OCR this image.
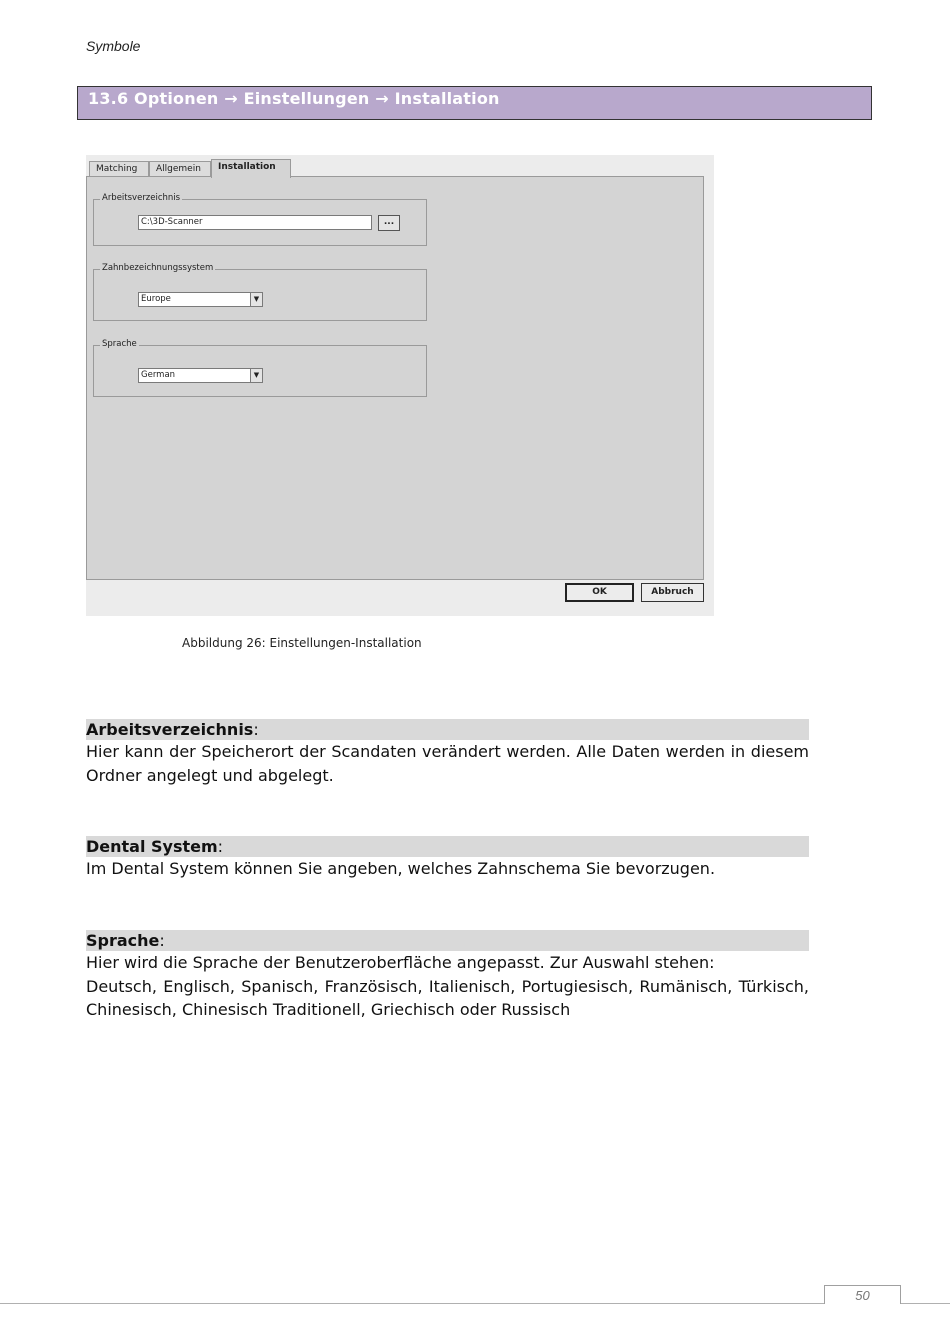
Symbole
13.6 Optionen → Einstellungen → Installation
Matching	Allgemein	Installation
Arbeitsverzeichnis
C:\3D-Scanner	...
Zahnbezeichnungssystem
Europe	▼
Sprache
German	▼
OK	Abbruch
Abbildung 26: Einstellungen-Installation
Arbeitsverzeichnis:
Hier kann der Speicherort der Scandaten verändert werden. Alle Daten werden in diesem Ordner angelegt und abgelegt.
Dental System:
Im Dental System können Sie angeben, welches Zahnschema Sie bevorzugen.
Sprache:
Hier wird die Sprache der Benutzeroberfläche angepasst. Zur Auswahl stehen:
Deutsch, Englisch, Spanisch, Französisch, Italienisch, Portugiesisch, Rumänisch, Türkisch, Chinesisch, Chinesisch Traditionell, Griechisch oder Russisch
50
